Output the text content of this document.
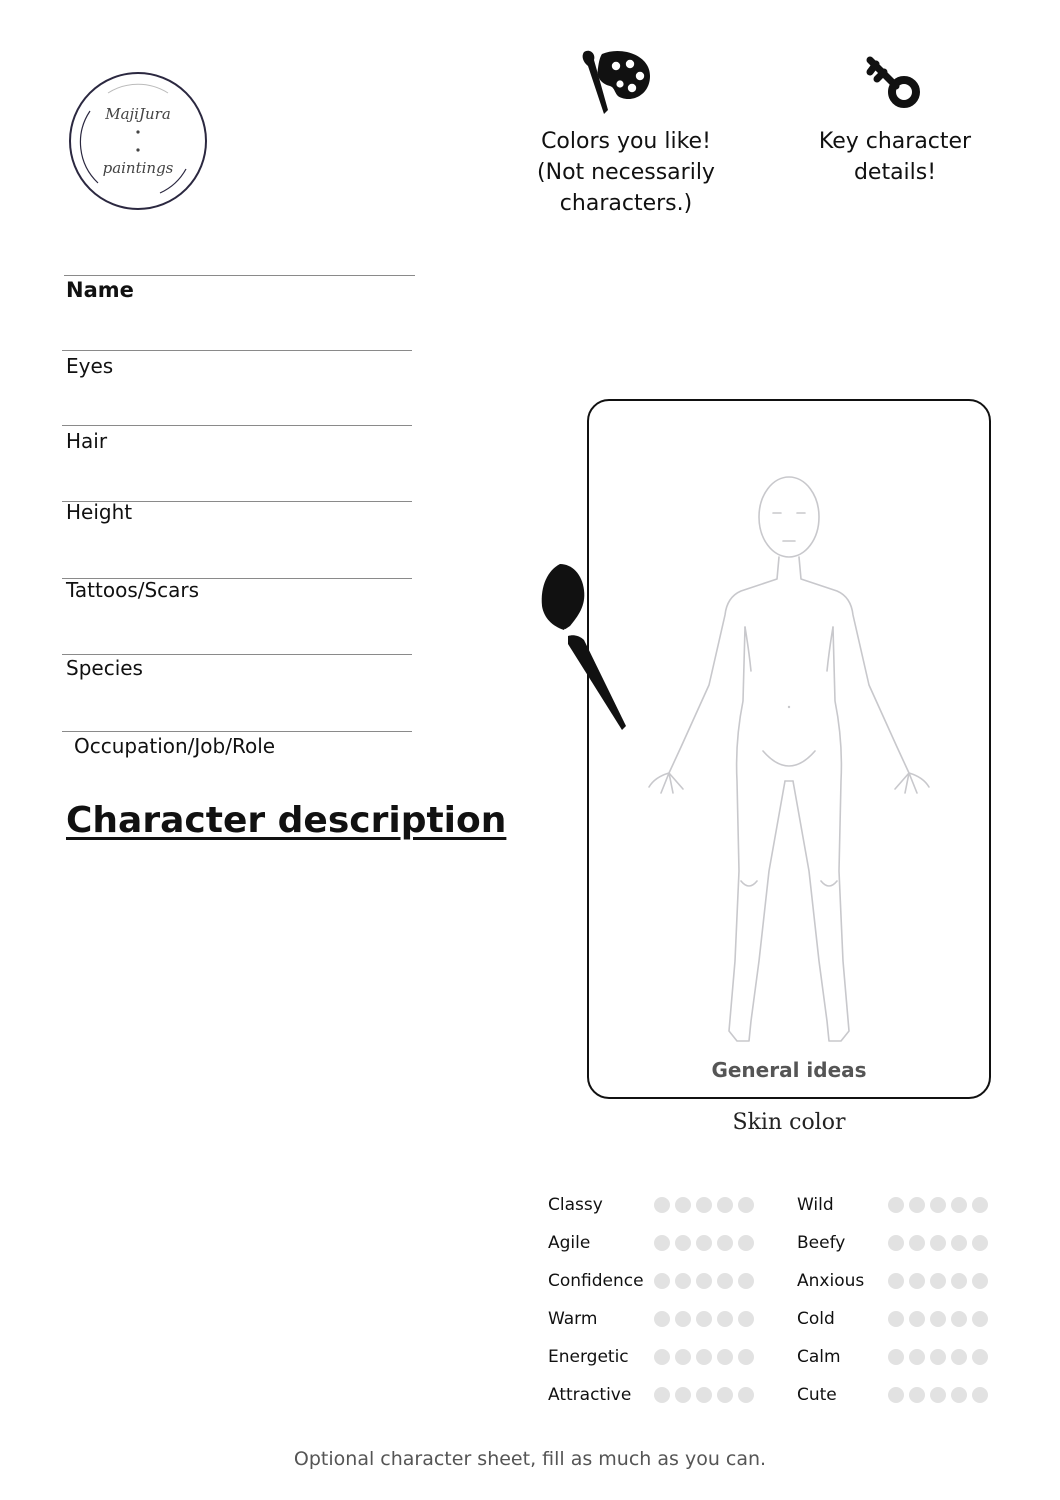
MajiJura
paintings
Colors you like!
(Not necessarily
characters.)
Key character
details!
Name
Eyes
Hair
Height
Tattoos/Scars
Species
Occupation/Job/Role
Character description
General ideas
Skin color
Classy
Agile
Confidence
Warm
Energetic
Attractive
Wild
Beefy
Anxious
Cold
Calm
Cute
Optional character sheet, fill as much as you can.
